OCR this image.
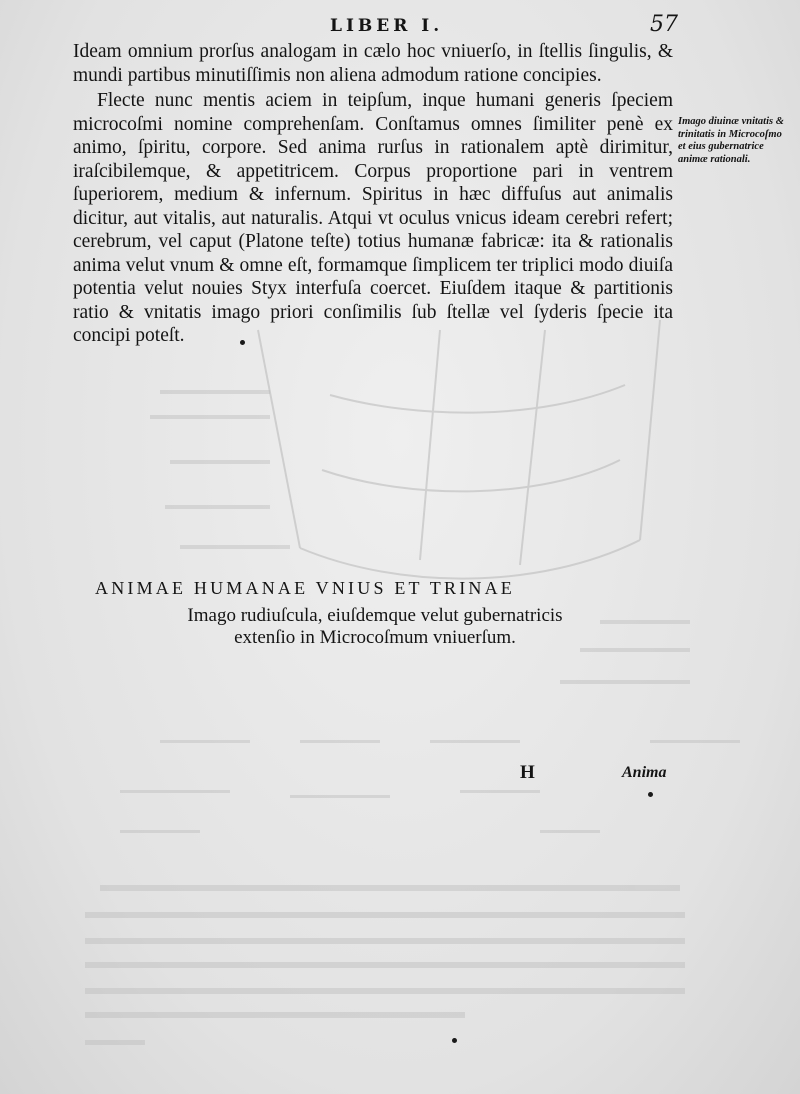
LIBER I.	57

Ideam omnium prorſus analogam in cælo hoc vniuerſo, in ſtellis ſingulis, & mundi partibus minutiſſimis non aliena admodum ratione concipies.

Flecte nunc mentis aciem in teipſum, inque humani generis ſpeciem microcoſmi nomine comprehenſam. Conſtamus omnes ſimiliter penè ex animo, ſpiritu, corpore. Sed anima rurſus in rationalem aptè dirimitur, iraſcibilemque, & appetitricem. Corpus proportione pari in ventrem ſuperiorem, medium & infernum. Spiritus in hæc diffuſus aut animalis dicitur, aut vitalis, aut naturalis. Atqui vt oculus vnicus ideam cerebri refert; cerebrum, vel caput (Platone teſte) totius humanæ fabricæ: ita & rationalis anima velut vnum & omne eſt, formamque ſimplicem ter triplici modo diuiſa potentia velut nouies Styx interfuſa coercet. Eiuſdem itaque & partitionis ratio & vnitatis imago priori conſimilis ſub ſtellæ vel ſyderis ſpecie ita concipi poteſt.

Imago diuinæ vnitatis & trinitatis in Microcoſmo et eius gubernatrice animæ rationali.
ANIMAE HUMANAE VNIUS ET TRINAE
Imago rudiuſcula, eiuſdemque velut gubernatricis
extenſio in Microcoſmum vniuerſum.
H	Anima
